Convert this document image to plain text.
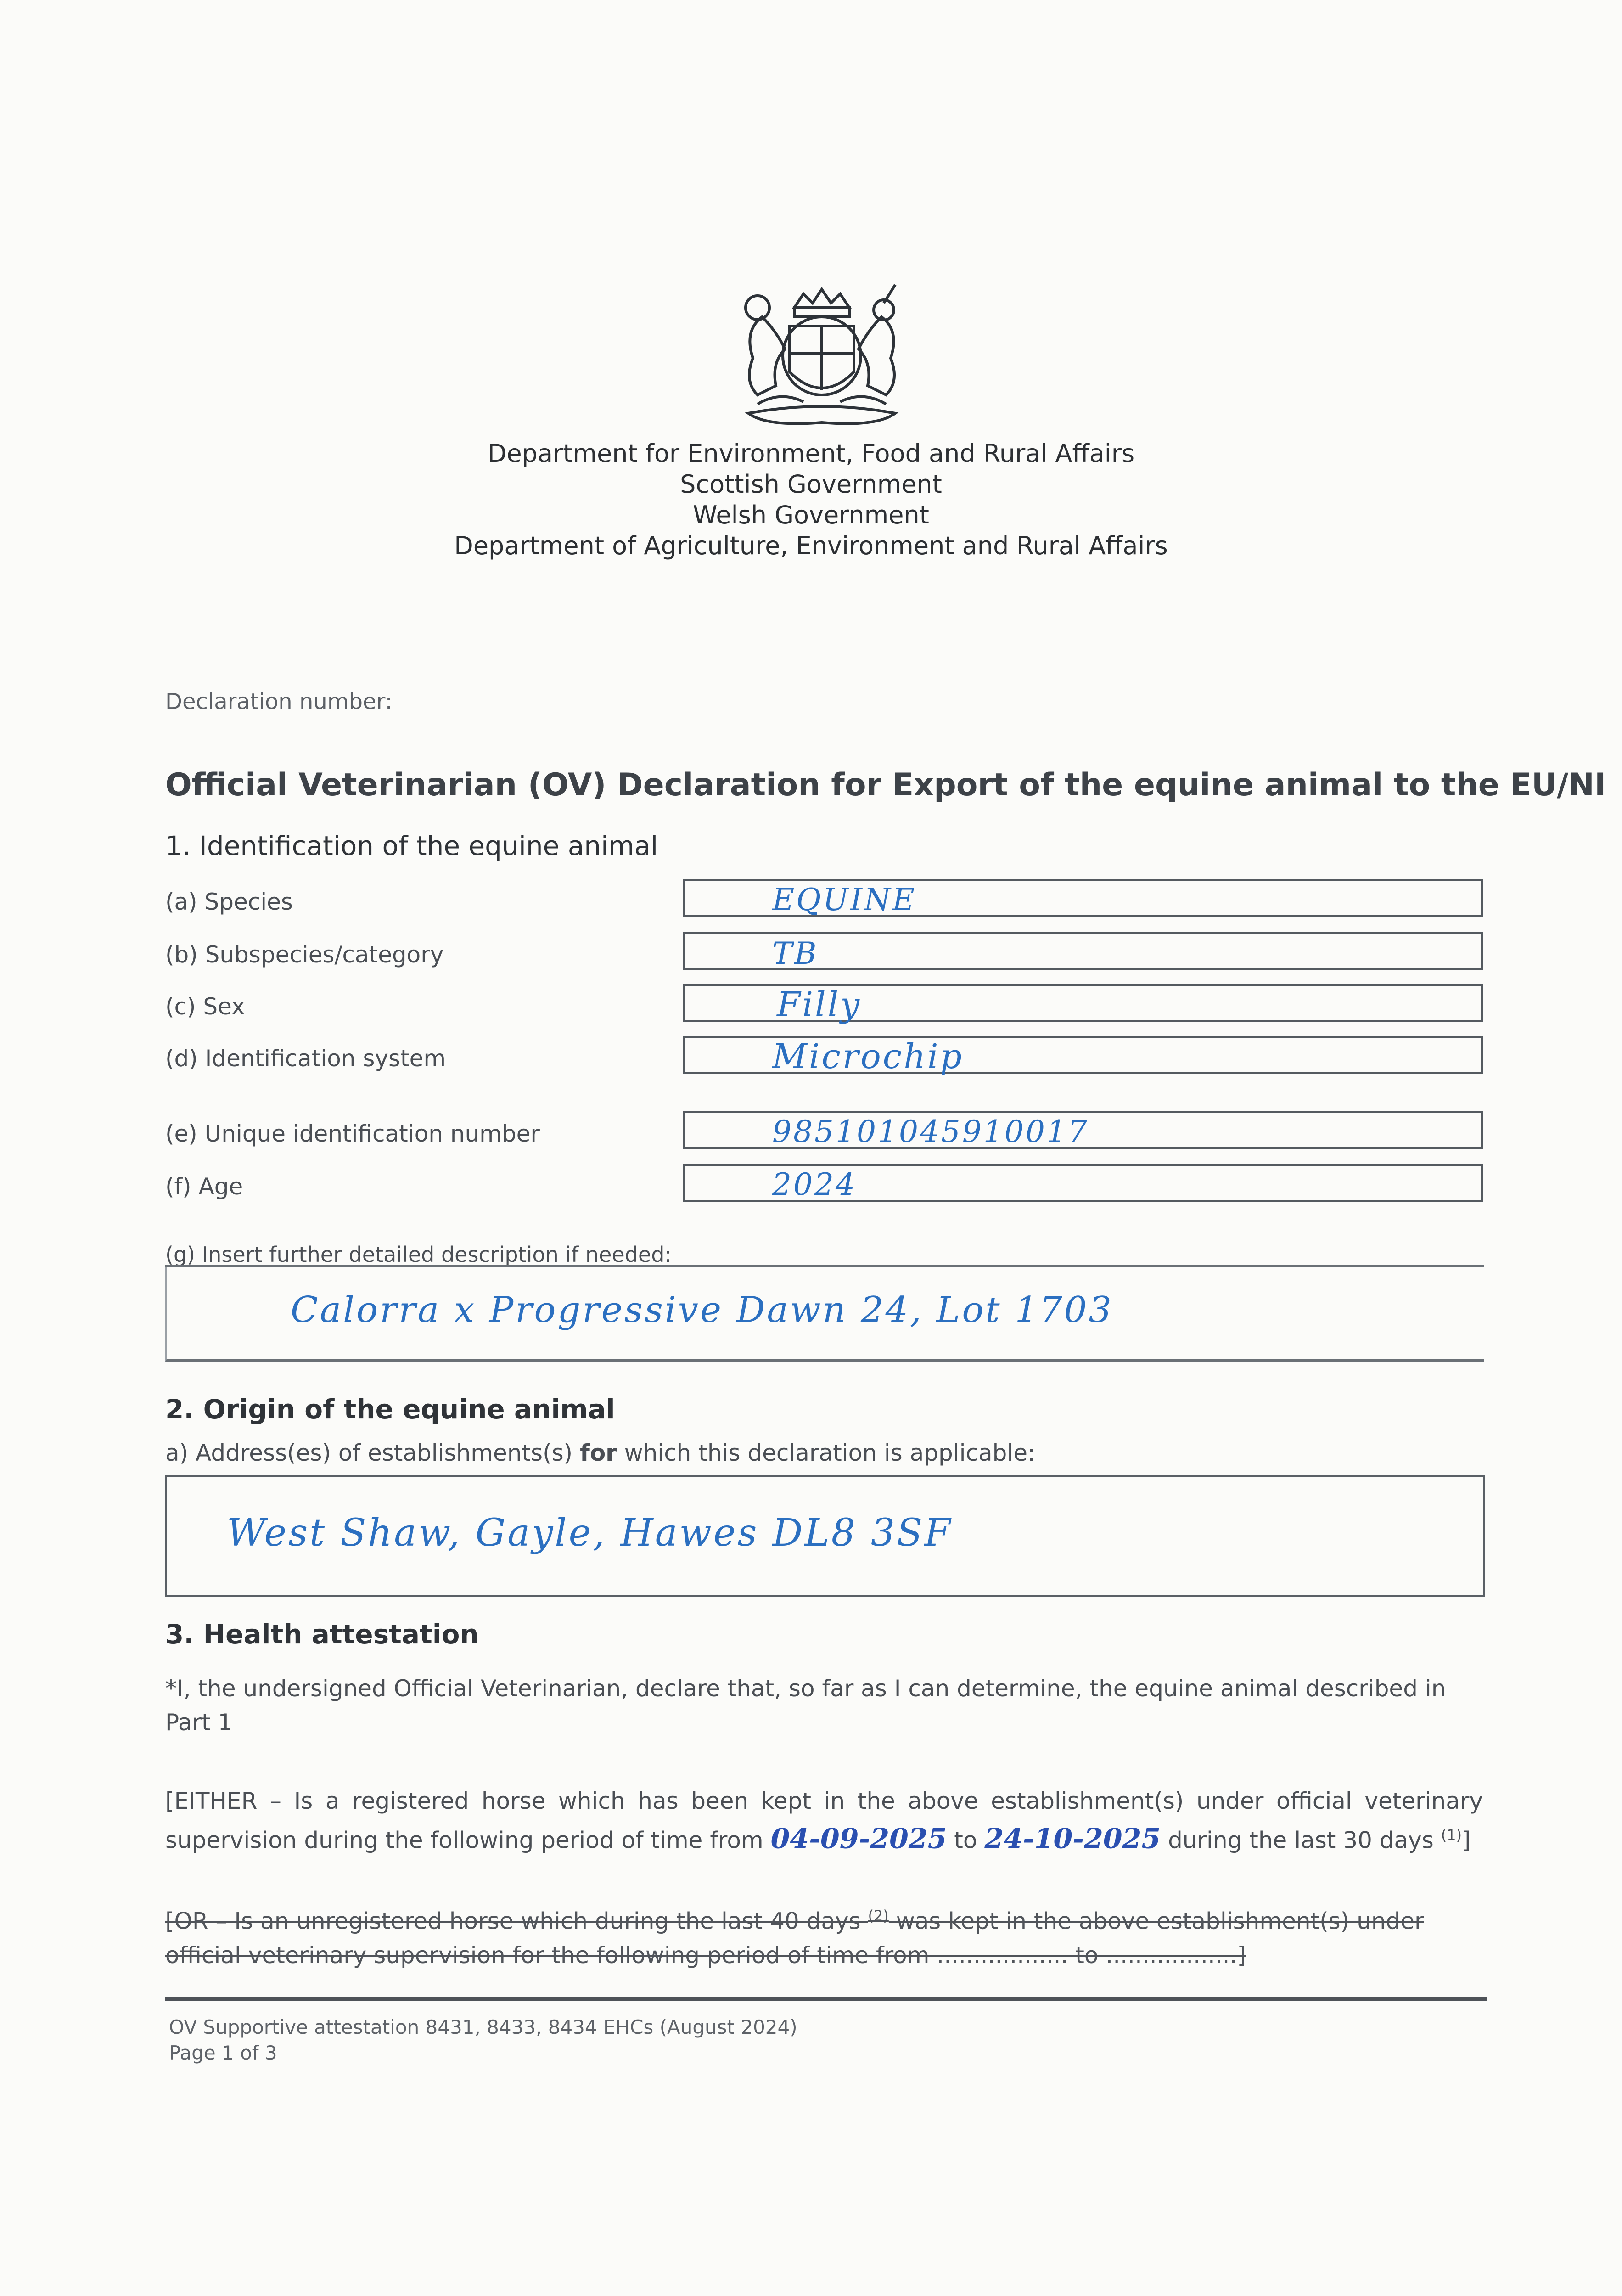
Department for Environment, Food and Rural Affairs
Scottish Government
Welsh Government
Department of Agriculture, Environment and Rural Affairs
Declaration number:
Official Veterinarian (OV) Declaration for Export of the equine animal to the EU/NI
1. Identification of the equine animal
(a) Species	EQUINE
(b) Subspecies/category	TB
(c) Sex	Filly
(d) Identification system	Microchip
(e) Unique identification number	985101045910017
(f) Age	2024
(g) Insert further detailed description if needed:
Calorra x Progressive Dawn 24, Lot 1703
2. Origin of the equine animal
a) Address(es) of establishments(s) for which this declaration is applicable:
West Shaw, Gayle, Hawes DL8 3SF
3. Health attestation
*I, the undersigned Official Veterinarian, declare that, so far as I can determine, the equine animal described in Part 1
[EITHER – Is a registered horse which has been kept in the above establishment(s) under official veterinary supervision during the following period of time from 04-09-2025 to 24-10-2025 during the last 30 days $^{(1)}$]
[OR – Is an unregistered horse which during the last 40 days $^{(2)}$ was kept in the above establishment(s) under official veterinary supervision for the following period of time from .................. to ..................]
OV Supportive attestation 8431, 8433, 8434 EHCs (August 2024)
Page 1 of 3
